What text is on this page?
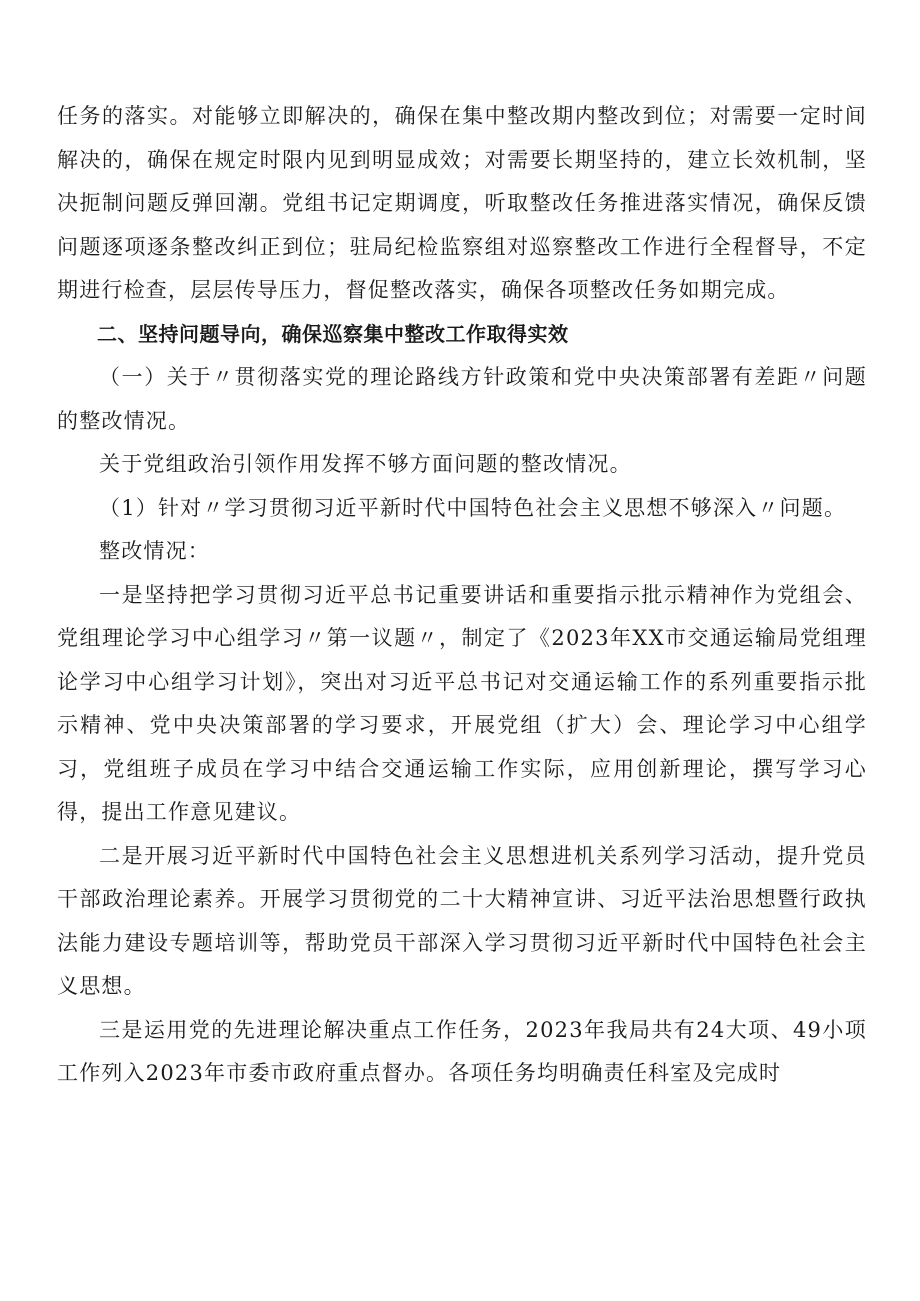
任务的落实。对能够立即解决的，确保在集中整改期内整改到位；对需要一定时间解决的，确保在规定时限内见到明显成效；对需要长期坚持的，建立长效机制，坚决扼制问题反弹回潮。党组书记定期调度，听取整改任务推进落实情况，确保反馈问题逐项逐条整改纠正到位；驻局纪检监察组对巡察整改工作进行全程督导，不定期进行检查，层层传导压力，督促整改落实，确保各项整改任务如期完成。

二、坚持问题导向，确保巡察集中整改工作取得实效

（一）关于〃贯彻落实党的理论路线方针政策和党中央决策部署有差距〃问题的整改情况。

关于党组政治引领作用发挥不够方面问题的整改情况。

（1）针对〃学习贯彻习近平新时代中国特色社会主义思想不够深入〃问题。

整改情况：

一是坚持把学习贯彻习近平总书记重要讲话和重要指示批示精神作为党组会、党组理论学习中心组学习〃第一议题〃，制定了《2023年XX市交通运输局党组理论学习中心组学习计划》，突出对习近平总书记对交通运输工作的系列重要指示批示精神、党中央决策部署的学习要求，开展党组（扩大）会、理论学习中心组学习，党组班子成员在学习中结合交通运输工作实际，应用创新理论，撰写学习心得，提出工作意见建议。

二是开展习近平新时代中国特色社会主义思想进机关系列学习活动，提升党员干部政治理论素养。开展学习贯彻党的二十大精神宣讲、习近平法治思想暨行政执法能力建设专题培训等，帮助党员干部深入学习贯彻习近平新时代中国特色社会主义思想。

三是运用党的先进理论解决重点工作任务，2023年我局共有24大项、49小项工作列入2023年市委市政府重点督办。各项任务均明确责任科室及完成时
